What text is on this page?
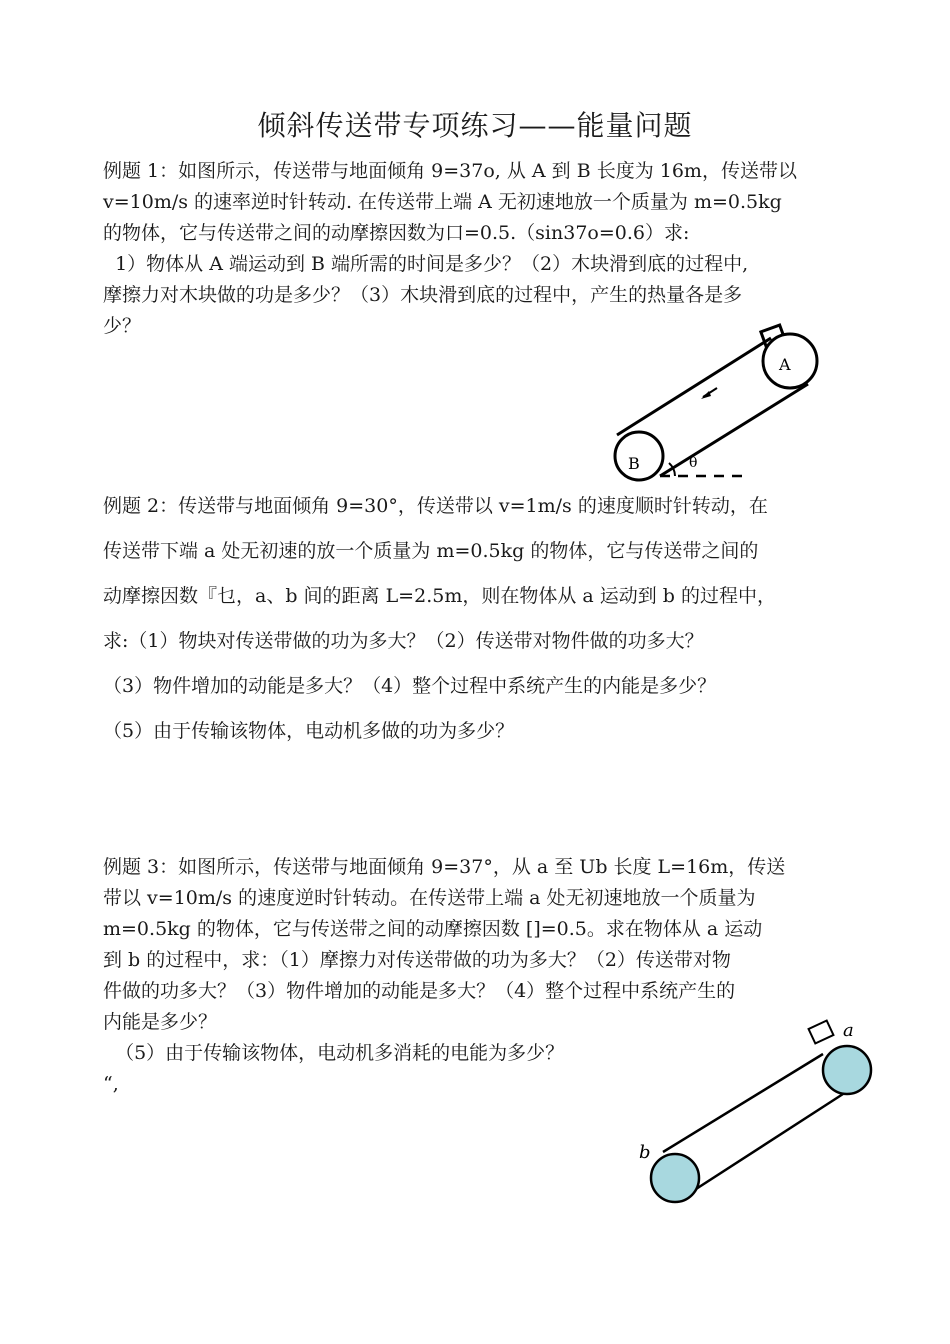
倾斜传送带专项练习——能量问题
例题 1：如图所示，传送带与地面倾角 9=37o, 从 A 到 B 长度为 16m，传送带以
v=10m/s 的速率逆时针转动. 在传送带上端 A 无初速地放一个质量为 m=0.5kg
的物体，它与传送带之间的动摩擦因数为口=0.5.（sin37o=0.6）求:
1）物体从 A 端运动到 B 端所需的时间是多少？（2）木块滑到底的过程中,
摩擦力对木块做的功是多少？（3）木块滑到底的过程中，产生的热量各是多
少？
A
B	θ
例题 2：传送带与地面倾角 9=30°，传送带以 v=1m/s 的速度顺时针转动，在
传送带下端 a 处无初速的放一个质量为 m=0.5kg 的物体，它与传送带之间的
动摩擦因数『乜，a、b 间的距离 L=2.5m，则在物体从 a 运动到 b 的过程中，
求:（1）物块对传送带做的功为多大？（2）传送带对物件做的功多大？
（3）物件增加的动能是多大？（4）整个过程中系统产生的内能是多少？
（5）由于传输该物体，电动机多做的功为多少？
例题 3：如图所示，传送带与地面倾角 9=37°，从 a 至 Ub 长度 L=16m，传送
带以 v=10m/s 的速度逆时针转动。在传送带上端 a 处无初速地放一个质量为
m=0.5kg 的物体，它与传送带之间的动摩擦因数 []=0.5。求在物体从 a 运动
到 b 的过程中，求：（1）摩擦力对传送带做的功为多大？（2）传送带对物
件做的功多大？（3）物件增加的动能是多大？（4）整个过程中系统产生的
内能是多少？
（5）由于传输该物体，电动机多消耗的电能为多少？
“,
a
b
